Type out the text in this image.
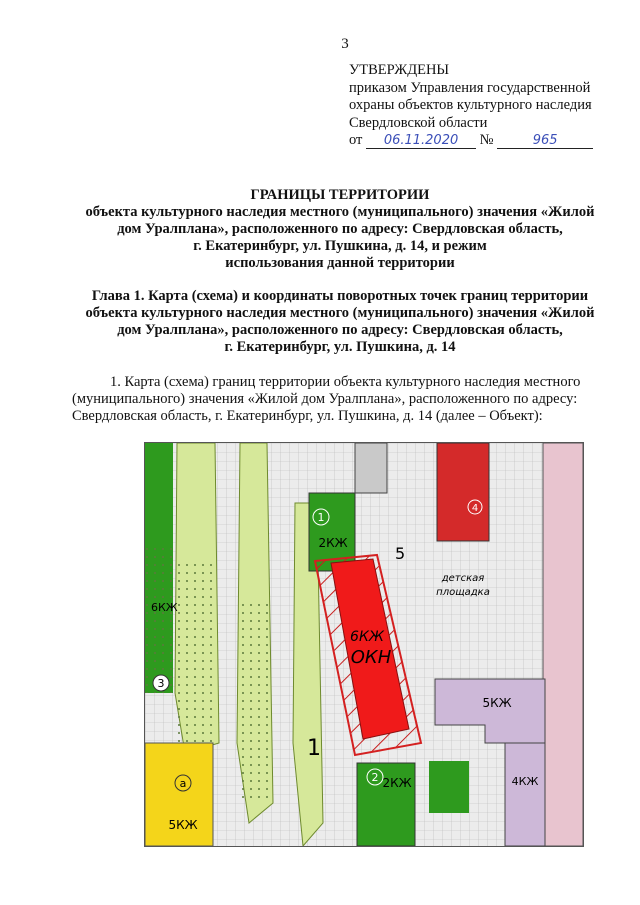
3
УТВЕРЖДЕНЫ
приказом Управления государственной
охраны объектов культурного наследия
Свердловской области
от 06.11.2020 №	965
ГРАНИЦЫ ТЕРРИТОРИИ
объекта культурного наследия местного (муниципального) значения «Жилой
дом Уралплана», расположенного по адресу: Свердловская область,
г. Екатеринбург, ул. Пушкина, д. 14, и режим
использования данной территории
Глава 1. Карта (схема) и координаты поворотных точек границ территории
объекта культурного наследия местного (муниципального) значения «Жилой
дом Уралплана», расположенного по адресу: Свердловская область,
г. Екатеринбург, ул. Пушкина, д. 14
1. Карта (схема) границ территории объекта культурного наследия местного
(муниципального) значения «Жилой дом Уралплана», расположенного по адресу:
Свердловская область, г. Екатеринбург, ул. Пушкина, д. 14 (далее – Объект):
3
а
5КЖ
6КЖ
1
2КЖ
6КЖ
ОКН
1
5
детская
площадка
4
5КЖ
4КЖ
2 2КЖ
